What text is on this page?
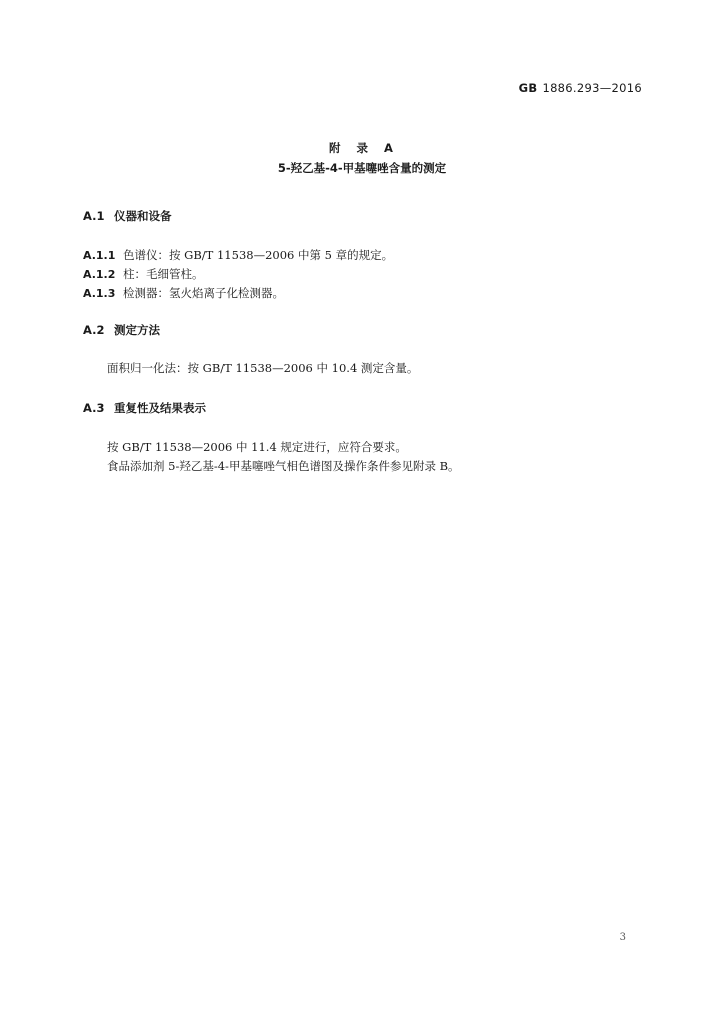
GB 1886.293—2016
附 录 A
5-羟乙基-4-甲基噻唑含量的测定
A.1 仪器和设备
A.1.1 色谱仪：按 GB/T 11538—2006 中第 5 章的规定。
A.1.2 柱：毛细管柱。
A.1.3 检测器：氢火焰离子化检测器。
A.2 测定方法
面积归一化法：按 GB/T 11538—2006 中 10.4 测定含量。
A.3 重复性及结果表示
按 GB/T 11538—2006 中 11.4 规定进行，应符合要求。
食品添加剂 5-羟乙基-4-甲基噻唑气相色谱图及操作条件参见附录 B。
3
